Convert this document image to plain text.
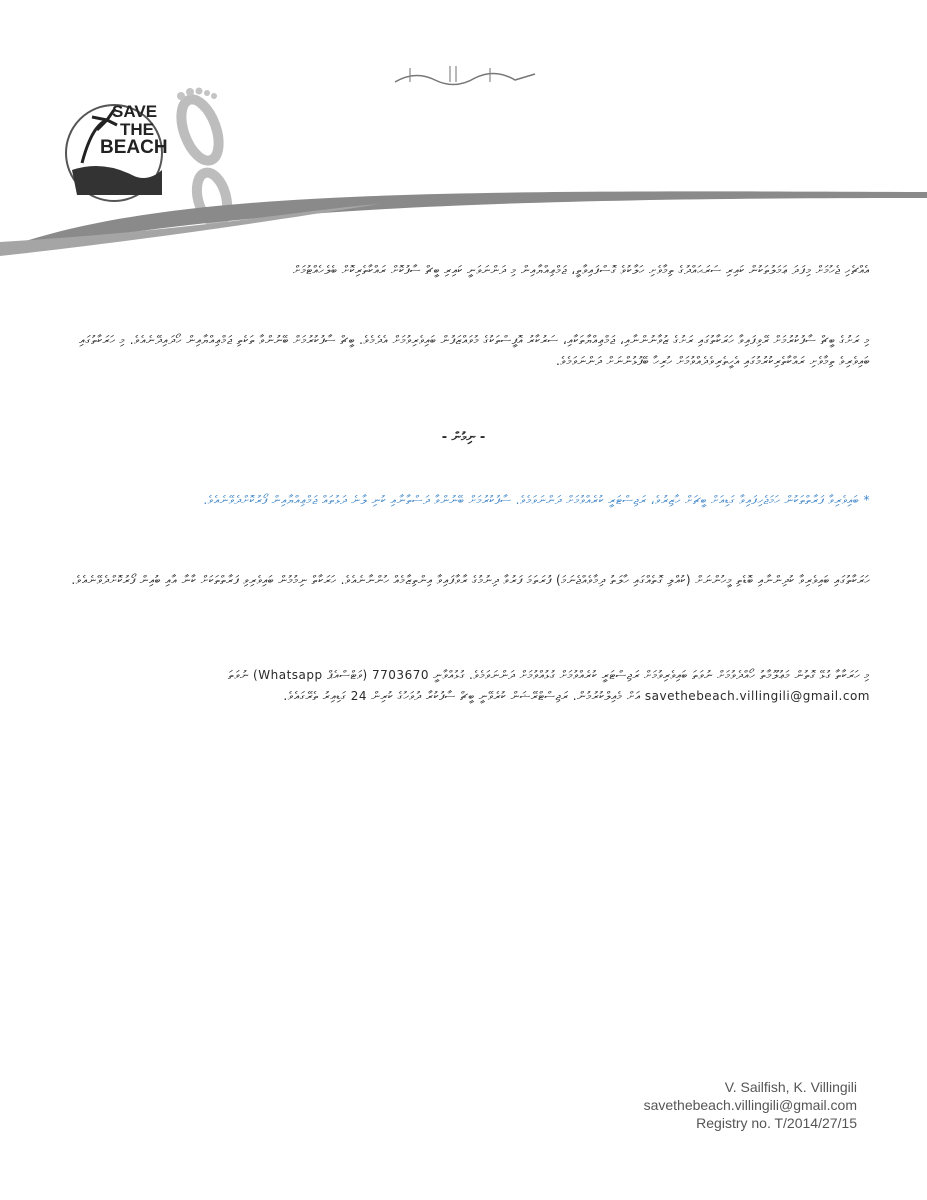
SAVE
THE
BEACH

އެއްޗެހި ޖެހުމަށް މިފަދަ ޢަމަލުތަކުން ކައިރި ސަރަޙައްދުގެ ތިމާވެށި ހަލާކުވެ ގޮސްފައިވާތީ، ޖަމްޢިއްޔާއިން މި ދަންނަވަނީ ކައިރި ބީޗް ސާފުކޮށް ރައްކާތެރިކޮށް ބެލެހެއްޓުމަށް

މި ރަށުގެ ބީޗް ސާފުކުރުމަށް ރޭވިފައިވާ ހަރަކާތުގައި ރަށުގެ ޒުވާނުންނާއި، ޖަމްޢިއްޔާތަކާއި، ސަރުކާރު އޮފީސްތަކުގެ މުވައްޒަފުން ބައިވެރިވުމަށް އެދެމެވެ. ބީޗް ސާފުކުރުމަށް ބޭނުންވާ ތަކެތި ޖަމްޢިއްޔާއިން ހޯދައިދޭނެއެވެ. މި ހަރަކާތުގައި ބައިވެރިވެ ތިމާވެށި ރައްކާތެރިކުރުމުގައި އެހީތެރިވެދެއްވުމަށް ހުރިހާ ބޭފުޅުންނަށް ދަންނަވަމެވެ.

- ނިމުން -

* ބައިވެރިވާ ފަރާތްތަކުން ހަމަޖެހިފައިވާ ގަޑިއަށް ބީޗަށް ހާޒިރުވެ، ރަޖިސްޓަރީ ކުރެއްވުމަށް ދަންނަވަމެވެ. ސާފުކުރުމަށް ބޭނުންވާ ދަސްތާނާއި ކުނި ލާނެ ދަޅުތައް ޖަމްޢިއްޔާއިން ފޯރުކޮށްދެވޭނެއެވެ.

ހަރަކާތުގައި ބައިވެރިވާ ކުދިންނާއި ބޮޑެތި މީހުންނަށް (ކުއްލި ގޮތެއްގައި ހާލަތު ދިމާވެއްޖެނަމަ) ފުރަތަމަ ފަރުވާ ދިނުމުގެ ރާވާފައިވާ އިންތިޒާމެއް ހުންނާނެއެވެ. ހަރަކާތް ނިމުމުން ބައިވެރިވި ފަރާތްތަކަށް ކާނާ އާއި ބުއިން ފޯރުކޮށްދެވޭނެއެވެ.

މި ހަރަކާތާ ގުޅޭ ގޮތުން މަޢުލޫމާތު ހޯއްދެވުމަށް ނުވަތަ ބައިވެރިވުމަށް ރަޖިސްޓަރީ ކުރެއްވުމަށް ގުޅުއްވުމަށް ދަންނަވަމެވެ. ގުޅުއްވާނީ 7703670 (ވަޓްސްއެޕް Whatsapp) ނުވަތަ savethebeach.villingili@gmail.com އަށް މެއިލްކުރުމުން. ރަޖިސްޓްރޭޝަން ކުރެވޭނީ ބީޗް ސާފުކުރާ ދުވަހުގެ ކުރިން 24 ގަޑިއިރު ތެރޭގައެވެ.

V. Sailfish, K. Villingili
savethebeach.villingili@gmail.com
Registry no. T/2014/27/15
